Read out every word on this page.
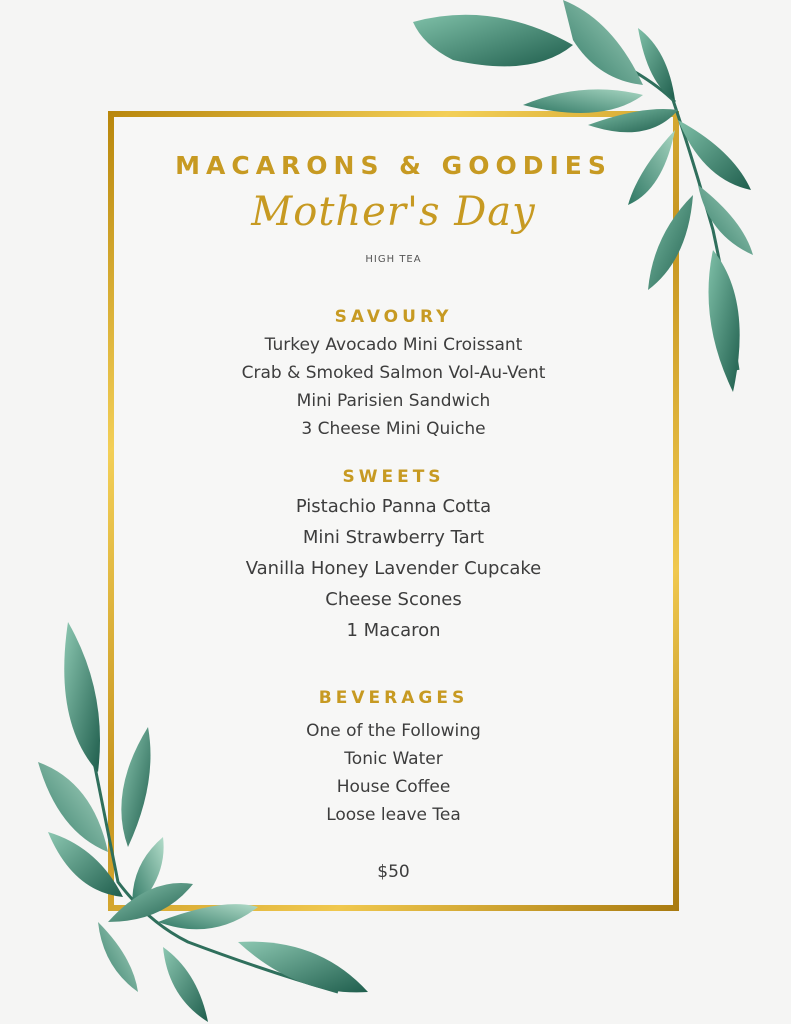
MACARONS & GOODIES
Mother's Day
HIGH TEA
SAVOURY
Turkey Avocado Mini Croissant
Crab & Smoked Salmon Vol-Au-Vent
Mini Parisien Sandwich
3 Cheese Mini Quiche
SWEETS
Pistachio Panna Cotta
Mini Strawberry Tart
Vanilla Honey Lavender Cupcake
Cheese Scones
1 Macaron
BEVERAGES
One of the Following
Tonic Water
House Coffee
Loose leave Tea
$50
